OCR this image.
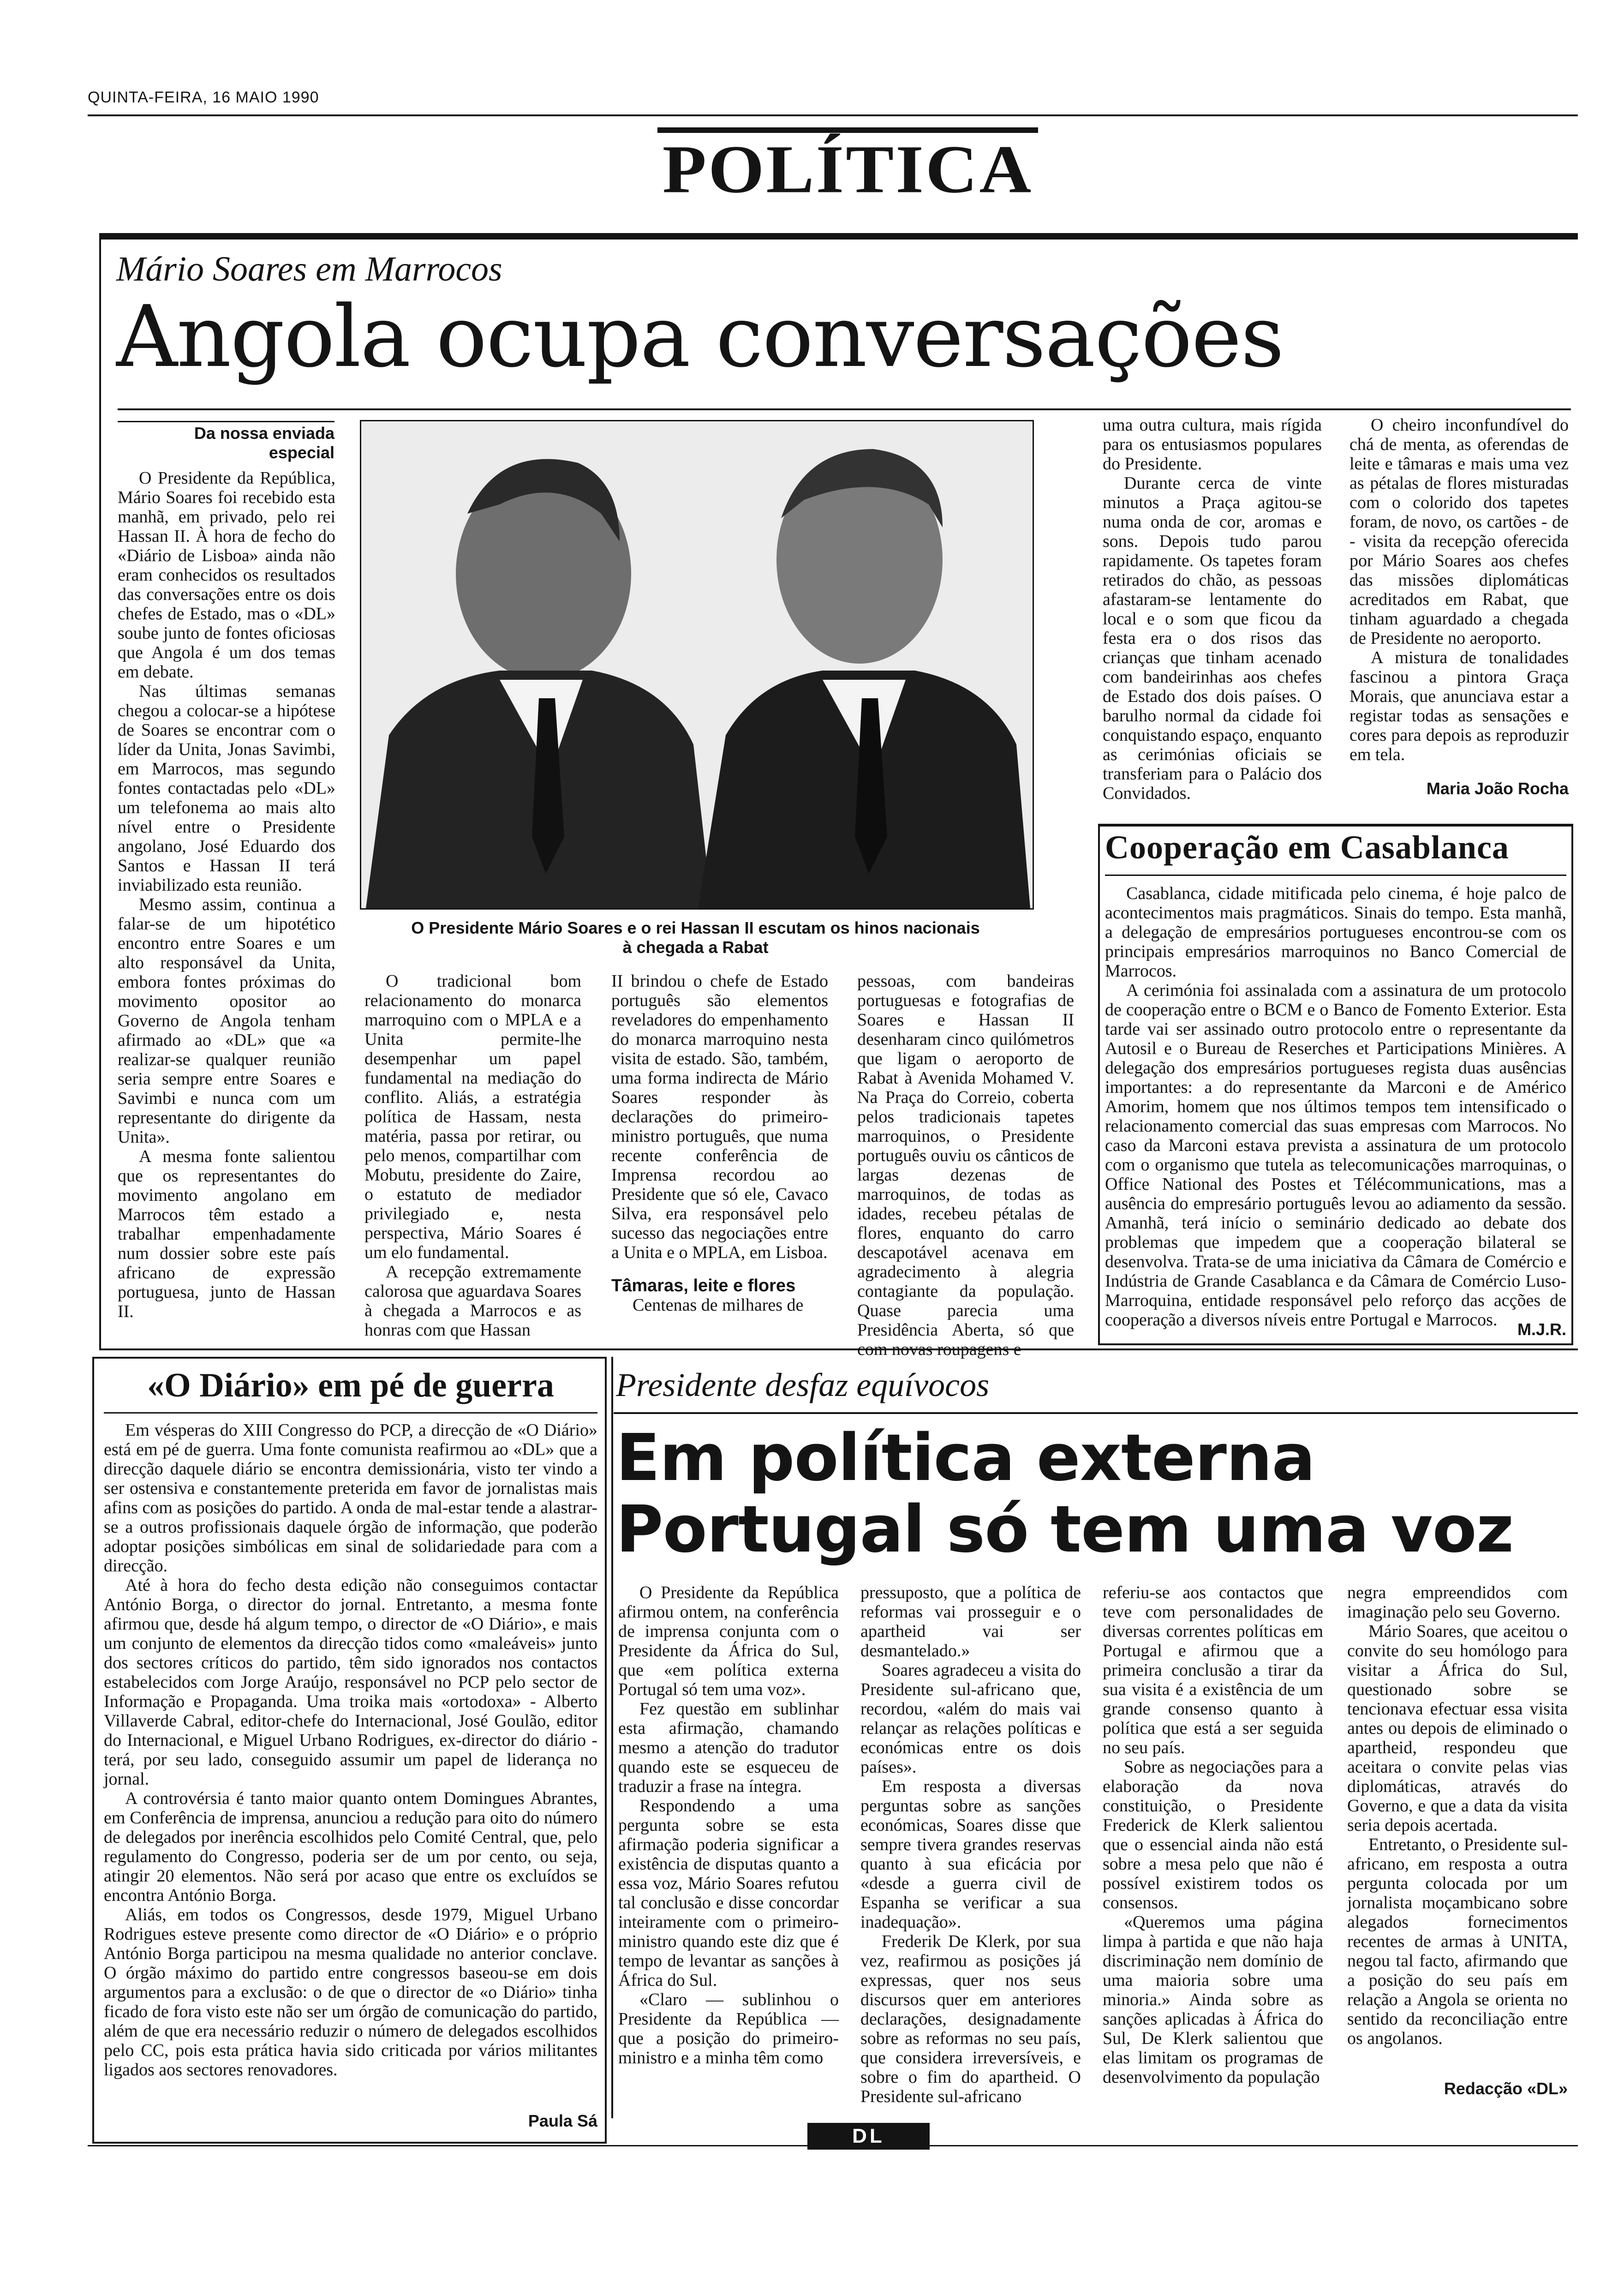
QUINTA-FEIRA, 16 MAIO 1990
POLÍTICA
Mário Soares em Marrocos
Angola ocupa conversações
Da nossa enviada especial

O Presidente da República, Mário Soares foi recebido esta manhã, em privado, pelo rei Hassan II. À hora de fecho do «Diário de Lisboa» ainda não eram conhecidos os resultados das conversações entre os dois chefes de Estado, mas o «DL» soube junto de fontes oficiosas que Angola é um dos temas em debate.

Nas últimas semanas chegou a colocar-se a hipótese de Soares se encontrar com o líder da Unita, Jonas Savimbi, em Marrocos, mas segundo fontes contactadas pelo «DL» um telefonema ao mais alto nível entre o Presidente angolano, José Eduardo dos Santos e Hassan II terá inviabilizado esta reunião.

Mesmo assim, continua a falar-se de um hipotético encontro entre Soares e um alto responsável da Unita, embora fontes próximas do movimento opositor ao Governo de Angola tenham afirmado ao «DL» que «a realizar-se qualquer reunião seria sempre entre Soares e Savimbi e nunca com um representante do dirigente da Unita».

A mesma fonte salientou que os representantes do movimento angolano em Marrocos têm estado a trabalhar empenhadamente num dossier sobre este país africano de expressão portuguesa, junto de Hassan II.

O Presidente Mário Soares e o rei Hassan II escutam os hinos nacionais à chegada a Rabat

O tradicional bom relacionamento do monarca marroquino com o MPLA e a Unita permite-lhe desempenhar um papel fundamental na mediação do conflito. Aliás, a estratégia política de Hassam, nesta matéria, passa por retirar, ou pelo menos, compartilhar com Mobutu, presidente do Zaire, o estatuto de mediador privilegiado e, nesta perspectiva, Mário Soares é um elo fundamental.

A recepção extremamente calorosa que aguardava Soares à chegada a Marrocos e as honras com que Hassan

II brindou o chefe de Estado português são elementos reveladores do empenhamento do monarca marroquino nesta visita de estado. São, também, uma forma indirecta de Mário Soares responder às declarações do primeiro-ministro português, que numa recente conferência de Imprensa recordou ao Presidente que só ele, Cavaco Silva, era responsável pelo sucesso das negociações entre a Unita e o MPLA, em Lisboa.

Tâmaras, leite e flores

Centenas de milhares de

pessoas, com bandeiras portuguesas e fotografias de Soares e Hassan II desenharam cinco quilómetros que ligam o aeroporto de Rabat à Avenida Mohamed V. Na Praça do Correio, coberta pelos tradicionais tapetes marroquinos, o Presidente português ouviu os cânticos de largas dezenas de marroquinos, de todas as idades, recebeu pétalas de flores, enquanto do carro descapotável acenava em agradecimento à alegria contagiante da população. Quase parecia uma Presidência Aberta, só que com novas roupagens e

uma outra cultura, mais rígida para os entusiasmos populares do Presidente.

Durante cerca de vinte minutos a Praça agitou-se numa onda de cor, aromas e sons. Depois tudo parou rapidamente. Os tapetes foram retirados do chão, as pessoas afastaram-se lentamente do local e o som que ficou da festa era o dos risos das crianças que tinham acenado com bandeirinhas aos chefes de Estado dos dois países. O barulho normal da cidade foi conquistando espaço, enquanto as cerimónias oficiais se transferiam para o Palácio dos Convidados.

O cheiro inconfundível do chá de menta, as oferendas de leite e tâmaras e mais uma vez as pétalas de flores misturadas com o colorido dos tapetes foram, de novo, os cartões - de - visita da recepção oferecida por Mário Soares aos chefes das missões diplomáticas acreditados em Rabat, que tinham aguardado a chegada de Presidente no aeroporto.

A mistura de tonalidades fascinou a pintora Graça Morais, que anunciava estar a registar todas as sensações e cores para depois as reproduzir em tela.

Maria João Rocha
Cooperação em Casablanca

Casablanca, cidade mitificada pelo cinema, é hoje palco de acontecimentos mais pragmáticos. Sinais do tempo. Esta manhã, a delegação de empresários portugueses encontrou-se com os principais empresários marroquinos no Banco Comercial de Marrocos.

A cerimónia foi assinalada com a assinatura de um protocolo de cooperação entre o BCM e o Banco de Fomento Exterior. Esta tarde vai ser assinado outro protocolo entre o representante da Autosil e o Bureau de Reserches et Participations Minières. A delegação dos empresários portugueses regista duas ausências importantes: a do representante da Marconi e de Américo Amorim, homem que nos últimos tempos tem intensificado o relacionamento comercial das suas empresas com Marrocos. No caso da Marconi estava prevista a assinatura de um protocolo com o organismo que tutela as telecomunicações marroquinas, o Office National des Postes et Télécommunications, mas a ausência do empresário português levou ao adiamento da sessão. Amanhã, terá início o seminário dedicado ao debate dos problemas que impedem que a cooperação bilateral se desenvolva. Trata-se de uma iniciativa da Câmara de Comércio e Indústria de Grande Casablanca e da Câmara de Comércio Luso-Marroquina, entidade responsável pelo reforço das acções de cooperação a diversos níveis entre Portugal e Marrocos.	M.J.R.
«O Diário» em pé de guerra

Em vésperas do XIII Congresso do PCP, a direcção de «O Diário» está em pé de guerra. Uma fonte comunista reafirmou ao «DL» que a direcção daquele diário se encontra demissionária, visto ter vindo a ser ostensiva e constantemente preterida em favor de jornalistas mais afins com as posições do partido. A onda de mal-estar tende a alastrar-se a outros profissionais daquele órgão de informação, que poderão adoptar posições simbólicas em sinal de solidariedade para com a direcção.

Até à hora do fecho desta edição não conseguimos contactar António Borga, o director do jornal. Entretanto, a mesma fonte afirmou que, desde há algum tempo, o director de «O Diário», e mais um conjunto de elementos da direcção tidos como «maleáveis» junto dos sectores críticos do partido, têm sido ignorados nos contactos estabelecidos com Jorge Araújo, responsável no PCP pelo sector de Informação e Propaganda. Uma troika mais «ortodoxa» - Alberto Villaverde Cabral, editor-chefe do Internacional, José Goulão, editor do Internacional, e Miguel Urbano Rodrigues, ex-director do diário - terá, por seu lado, conseguido assumir um papel de liderança no jornal.

A controvérsia é tanto maior quanto ontem Domingues Abrantes, em Conferência de imprensa, anunciou a redução para oito do número de delegados por inerência escolhidos pelo Comité Central, que, pelo regulamento do Congresso, poderia ser de um por cento, ou seja, atingir 20 elementos. Não será por acaso que entre os excluídos se encontra António Borga.

Aliás, em todos os Congressos, desde 1979, Miguel Urbano Rodrigues esteve presente como director de «O Diário» e o próprio António Borga participou na mesma qualidade no anterior conclave. O órgão máximo do partido entre congressos baseou-se em dois argumentos para a exclusão: o de que o director de «o Diário» tinha ficado de fora visto este não ser um órgão de comunicação do partido, além de que era necessário reduzir o número de delegados escolhidos pelo CC, pois esta prática havia sido criticada por vários militantes ligados aos sectores renovadores.

Paula Sá
Presidente desfaz equívocos
Em política externa
Portugal só tem uma voz

O Presidente da República afirmou ontem, na conferência de imprensa conjunta com o Presidente da África do Sul, que «em política externa Portugal só tem uma voz».

Fez questão em sublinhar esta afirmação, chamando mesmo a atenção do tradutor quando este se esqueceu de traduzir a frase na íntegra.

Respondendo a uma pergunta sobre se esta afirmação poderia significar a existência de disputas quanto a essa voz, Mário Soares refutou tal conclusão e disse concordar inteiramente com o primeiro-ministro quando este diz que é tempo de levantar as sanções à África do Sul.

«Claro — sublinhou o Presidente da República — que a posição do primeiro-ministro e a minha têm como

pressuposto, que a política de reformas vai prosseguir e o apartheid vai ser desmantelado.»

Soares agradeceu a visita do Presidente sul-africano que, recordou, «além do mais vai relançar as relações políticas e económicas entre os dois países».

Em resposta a diversas perguntas sobre as sanções económicas, Soares disse que sempre tivera grandes reservas quanto à sua eficácia por «desde a guerra civil de Espanha se verificar a sua inadequação».

Frederik De Klerk, por sua vez, reafirmou as posições já expressas, quer nos seus discursos quer em anteriores declarações, designadamente sobre as reformas no seu país, que considera irreversíveis, e sobre o fim do apartheid. O Presidente sul-africano

referiu-se aos contactos que teve com personalidades de diversas correntes políticas em Portugal e afirmou que a primeira conclusão a tirar da sua visita é a existência de um grande consenso quanto à política que está a ser seguida no seu país.

Sobre as negociações para a elaboração da nova constituição, o Presidente Frederick de Klerk salientou que o essencial ainda não está sobre a mesa pelo que não é possível existirem todos os consensos.

«Queremos uma página limpa à partida e que não haja discriminação nem domínio de uma maioria sobre uma minoria.» Ainda sobre as sanções aplicadas à África do Sul, De Klerk salientou que elas limitam os programas de desenvolvimento da população

negra empreendidos com imaginação pelo seu Governo.

Mário Soares, que aceitou o convite do seu homólogo para visitar a África do Sul, questionado sobre se tencionava efectuar essa visita antes ou depois de eliminado o apartheid, respondeu que aceitara o convite pelas vias diplomáticas, através do Governo, e que a data da visita seria depois acertada.

Entretanto, o Presidente sul-africano, em resposta a outra pergunta colocada por um jornalista moçambicano sobre alegados fornecimentos recentes de armas à UNITA, negou tal facto, afirmando que a posição do seu país em relação a Angola se orienta no sentido da reconciliação entre os angolanos.

Redacção «DL»
DL
